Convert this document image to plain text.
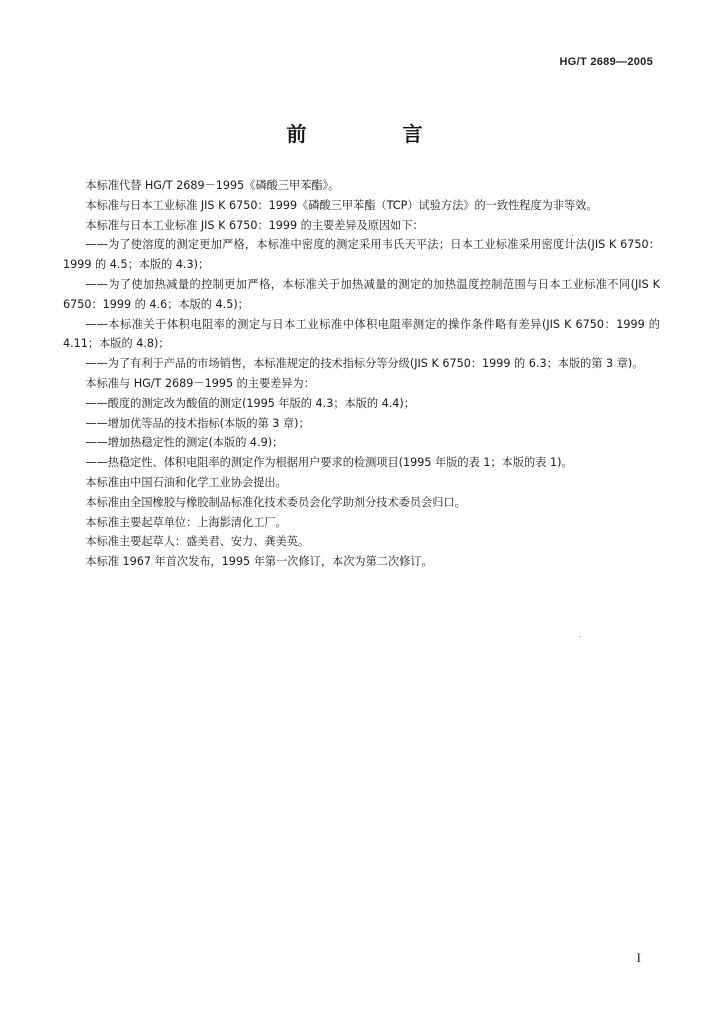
HG/T 2689—2005
前　言

本标准代替 HG/T 2689－1995《磷酸三甲苯酯》。

本标准与日本工业标准 JIS K 6750：1999《磷酸三甲苯酯（TCP）试验方法》的一致性程度为非等效。

本标准与日本工业标准 JIS K 6750：1999 的主要差异及原因如下：

——为了使溶度的测定更加严格，本标准中密度的测定采用韦氏天平法；日本工业标准采用密度计法(JIS K 6750：1999 的 4.5；本版的 4.3)；

——为了使加热减量的控制更加严格，本标准关于加热减量的测定的加热温度控制范围与日本工业标准不同(JIS K 6750：1999 的 4.6；本版的 4.5)；

——本标准关于体积电阻率的测定与日本工业标准中体积电阻率测定的操作条件略有差异(JIS K 6750：1999 的 4.11；本版的 4.8)；

——为了有利于产品的市场销售，本标准规定的技术指标分等分级(JIS K 6750：1999 的 6.3；本版的第 3 章)。

本标准与 HG/T 2689－1995 的主要差异为：

——酸度的测定改为酸值的测定(1995 年版的 4.3；本版的 4.4)；

——增加优等品的技术指标(本版的第 3 章)；

——增加热稳定性的测定(本版的 4.9)；

——热稳定性、体积电阻率的测定作为根据用户要求的检测项目(1995 年版的表 1；本版的表 1)。

本标准由中国石油和化学工业协会提出。

本标准由全国橡胶与橡胶制品标准化技术委员会化学助剂分技术委员会归口。

本标准主要起草单位：上海影清化工厂。

本标准主要起草人：盛美君、安力、龚美英。

本标准 1967 年首次发布，1995 年第一次修订，本次为第二次修订。

I
